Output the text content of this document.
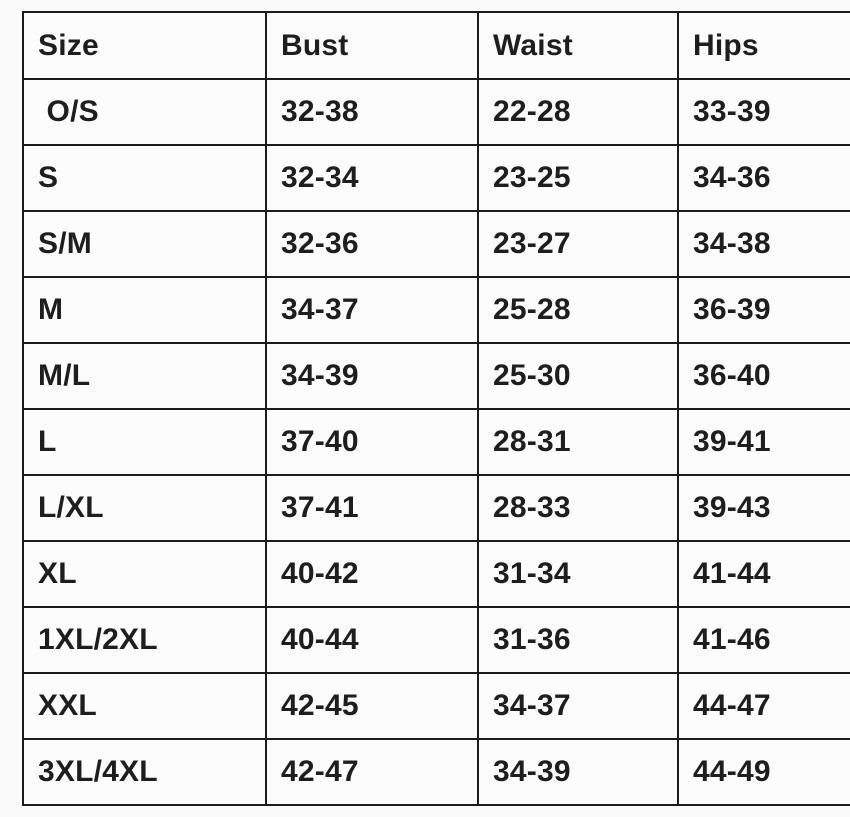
Size	Bust	Waist	Hips
O/S	32-38	22-28	33-39
S	32-34	23-25	34-36
S/M	32-36	23-27	34-38
M	34-37	25-28	36-39
M/L	34-39	25-30	36-40
L	37-40	28-31	39-41
L/XL	37-41	28-33	39-43
XL	40-42	31-34	41-44
1XL/2XL	40-44	31-36	41-46
XXL	42-45	34-37	44-47
3XL/4XL	42-47	34-39	44-49
